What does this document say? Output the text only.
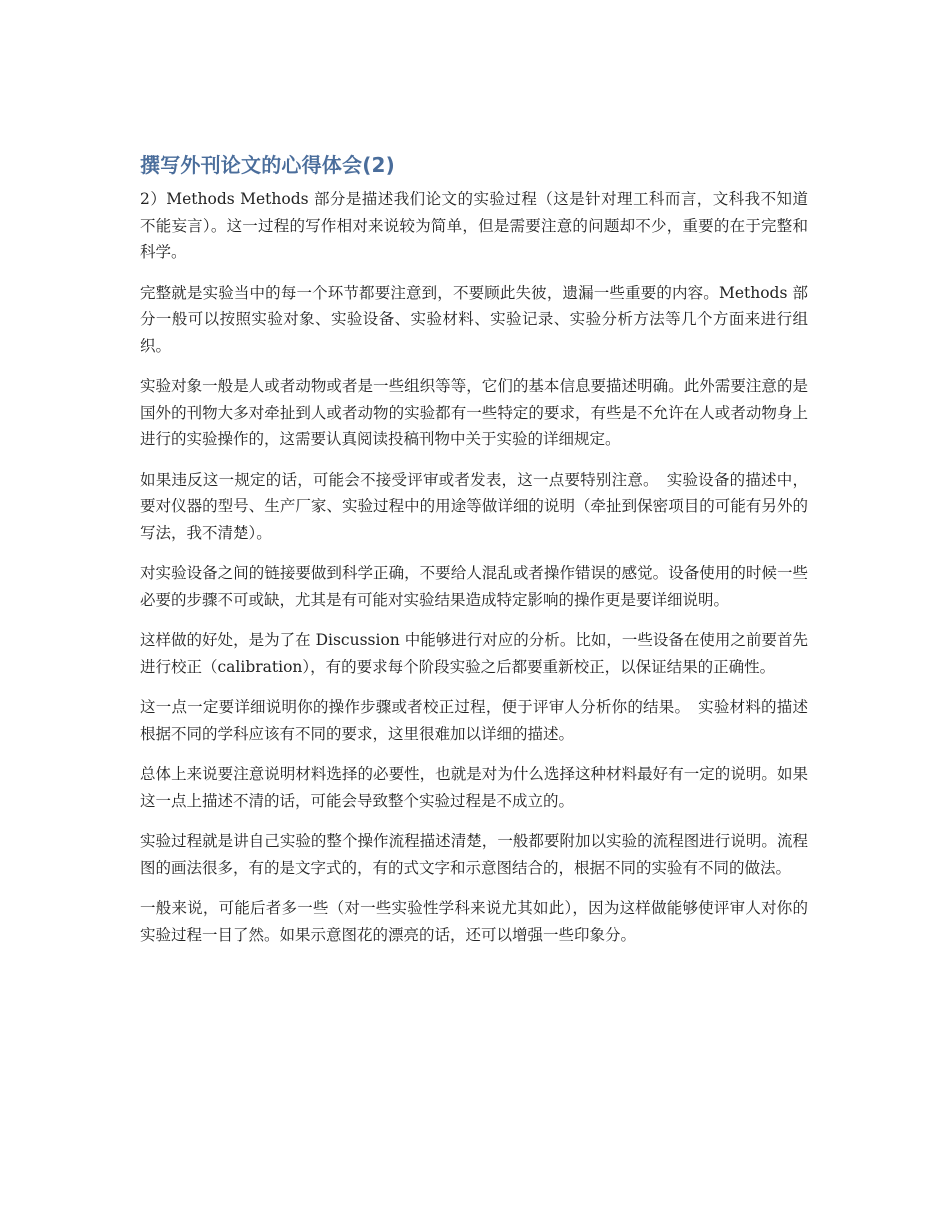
撰写外刊论文的心得体会(2)

2）Methods Methods 部分是描述我们论文的实验过程（这是针对理工科而言，文科我不知道不能妄言）。这一过程的写作相对来说较为简单，但是需要注意的问题却不少，重要的在于完整和科学。

完整就是实验当中的每一个环节都要注意到，不要顾此失彼，遗漏一些重要的内容。Methods 部分一般可以按照实验对象、实验设备、实验材料、实验记录、实验分析方法等几个方面来进行组织。

实验对象一般是人或者动物或者是一些组织等等，它们的基本信息要描述明确。此外需要注意的是国外的刊物大多对牵扯到人或者动物的实验都有一些特定的要求，有些是不允许在人或者动物身上进行的实验操作的，这需要认真阅读投稿刊物中关于实验的详细规定。

如果违反这一规定的话，可能会不接受评审或者发表，这一点要特别注意。　实验设备的描述中，要对仪器的型号、生产厂家、实验过程中的用途等做详细的说明（牵扯到保密项目的可能有另外的写法，我不清楚）。

对实验设备之间的链接要做到科学正确，不要给人混乱或者操作错误的感觉。设备使用的时候一些必要的步骤不可或缺，尤其是有可能对实验结果造成特定影响的操作更是要详细说明。

这样做的好处，是为了在 Discussion 中能够进行对应的分析。比如，一些设备在使用之前要首先进行校正（calibration），有的要求每个阶段实验之后都要重新校正，以保证结果的正确性。

这一点一定要详细说明你的操作步骤或者校正过程，便于评审人分析你的结果。　实验材料的描述根据不同的学科应该有不同的要求，这里很难加以详细的描述。

总体上来说要注意说明材料选择的必要性，也就是对为什么选择这种材料最好有一定的说明。如果这一点上描述不清的话，可能会导致整个实验过程是不成立的。

实验过程就是讲自己实验的整个操作流程描述清楚，一般都要附加以实验的流程图进行说明。流程图的画法很多，有的是文字式的，有的式文字和示意图结合的，根据不同的实验有不同的做法。

一般来说，可能后者多一些（对一些实验性学科来说尤其如此），因为这样做能够使评审人对你的实验过程一目了然。如果示意图花的漂亮的话，还可以增强一些印象分。
